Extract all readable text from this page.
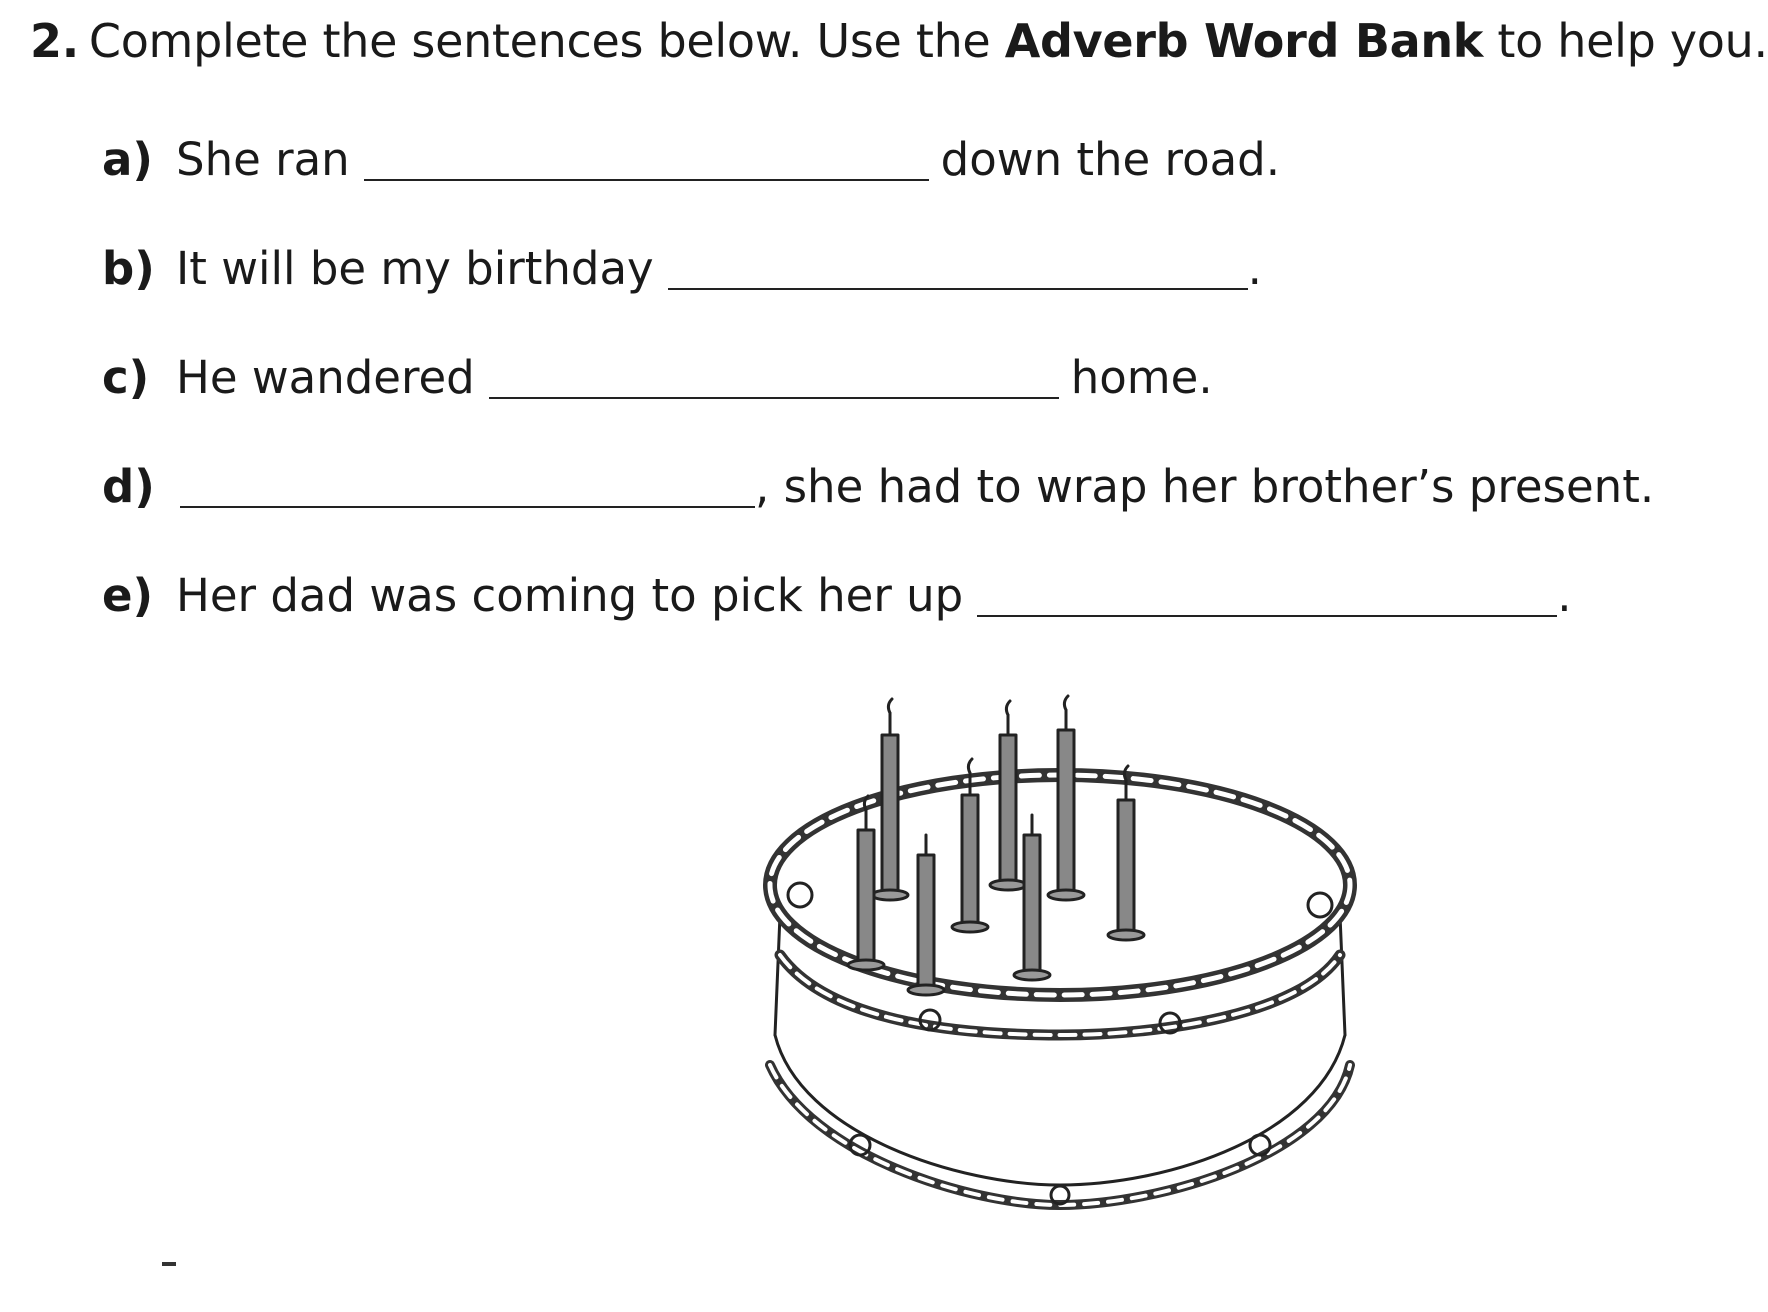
2. Complete the sentences below. Use the Adverb Word Bank to help you.
a) She ran	down the road.
b) It will be my birthday	.
c) He wandered	home.
d)	, she had to wrap her brother’s present.
e) Her dad was coming to pick her up	.
